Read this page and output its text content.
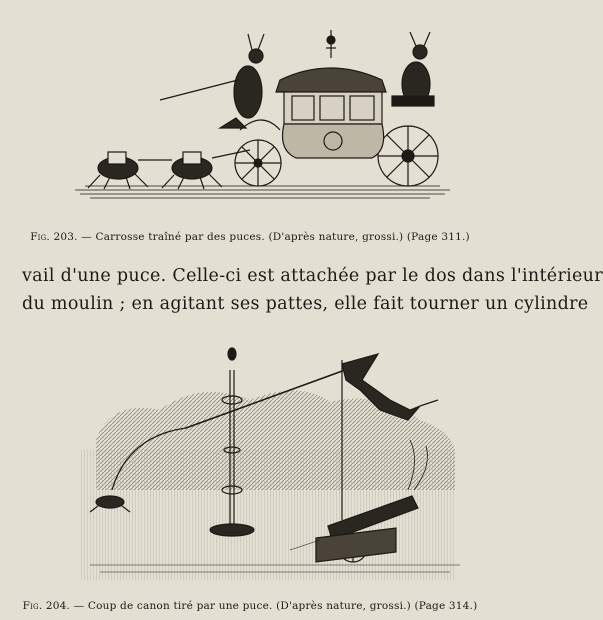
Fig. 203. — Carrosse traîné par des puces. (D'après nature, grossi.) (Page 311.)
vail d'une puce. Celle-ci est attachée par le dos dans l'intérieur
du moulin ; en agitant ses pattes, elle fait tourner un cylindre
Fig. 204. — Coup de canon tiré par une puce. (D'après nature, grossi.) (Page 314.)
